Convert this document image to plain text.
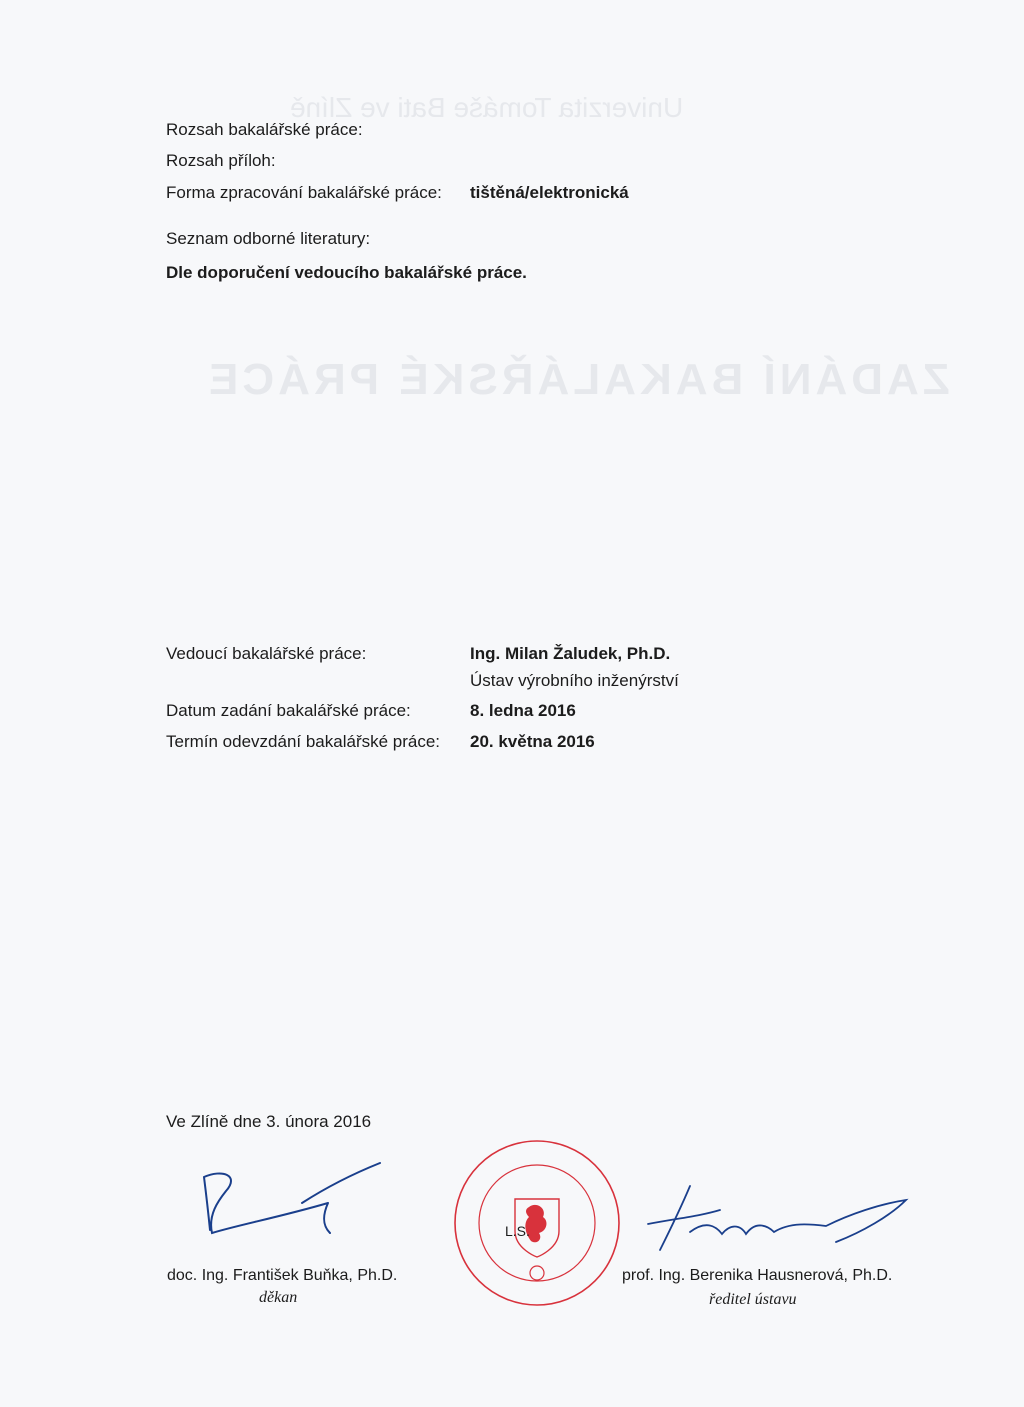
ZADÁNÍ BAKALÁŘSKÉ PRÁCE
Univerzita Tomáše Bati ve Zlíně
Rozsah bakalářské práce:
Rozsah příloh:
Forma zpracování bakalářské práce: tištěná/elektronická
Seznam odborné literatury:
Dle doporučení vedoucího bakalářské práce.
Vedoucí bakalářské práce:	Ing. Milan Žaludek, Ph.D.
Ústav výrobního inženýrství
Datum zadání bakalářské práce:	8. ledna 2016
Termín odevzdání bakalářské práce: 20. května 2016
Ve Zlíně dne 3. února 2016
doc. Ing. František Buňka, Ph.D.
děkan
L.S.
prof. Ing. Berenika Hausnerová, Ph.D.
ředitel ústavu
